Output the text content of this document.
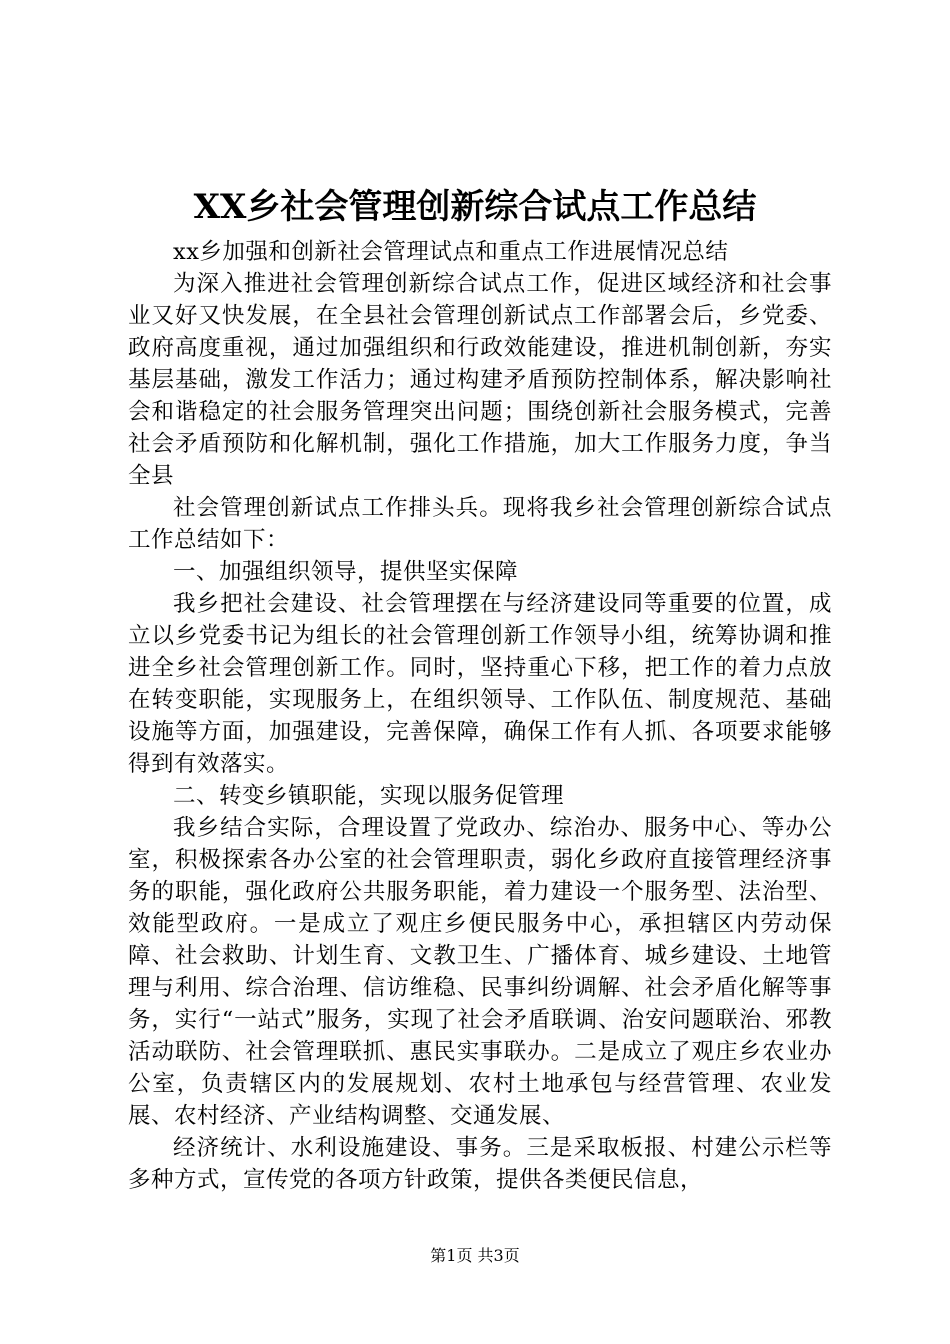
XX乡社会管理创新综合试点工作总结

xx乡加强和创新社会管理试点和重点工作进展情况总结

为深入推进社会管理创新综合试点工作，促进区域经济和社会事业又好又快发展，在全县社会管理创新试点工作部署会后，乡党委、政府高度重视，通过加强组织和行政效能建设，推进机制创新，夯实基层基础，激发工作活力；通过构建矛盾预防控制体系，解决影响社会和谐稳定的社会服务管理突出问题；围绕创新社会服务模式，完善社会矛盾预防和化解机制，强化工作措施，加大工作服务力度，争当全县

社会管理创新试点工作排头兵。现将我乡社会管理创新综合试点工作总结如下：

一、加强组织领导，提供坚实保障

我乡把社会建设、社会管理摆在与经济建设同等重要的位置，成立以乡党委书记为组长的社会管理创新工作领导小组，统筹协调和推进全乡社会管理创新工作。同时，坚持重心下移，把工作的着力点放在转变职能，实现服务上，在组织领导、工作队伍、制度规范、基础设施等方面，加强建设，完善保障，确保工作有人抓、各项要求能够得到有效落实。

二、转变乡镇职能，实现以服务促管理

我乡结合实际，合理设置了党政办、综治办、服务中心、等办公室，积极探索各办公室的社会管理职责，弱化乡政府直接管理经济事务的职能，强化政府公共服务职能，着力建设一个服务型、法治型、效能型政府。一是成立了观庄乡便民服务中心，承担辖区内劳动保障、社会救助、计划生育、文教卫生、广播体育、城乡建设、土地管理与利用、综合治理、信访维稳、民事纠纷调解、社会矛盾化解等事务，实行“一站式”服务，实现了社会矛盾联调、治安问题联治、邪教活动联防、社会管理联抓、惠民实事联办。二是成立了观庄乡农业办公室，负责辖区内的发展规划、农村土地承包与经营管理、农业发展、农村经济、产业结构调整、交通发展、

经济统计、水利设施建设、事务。三是采取板报、村建公示栏等多种方式，宣传党的各项方针政策，提供各类便民信息，

第1页 共3页
